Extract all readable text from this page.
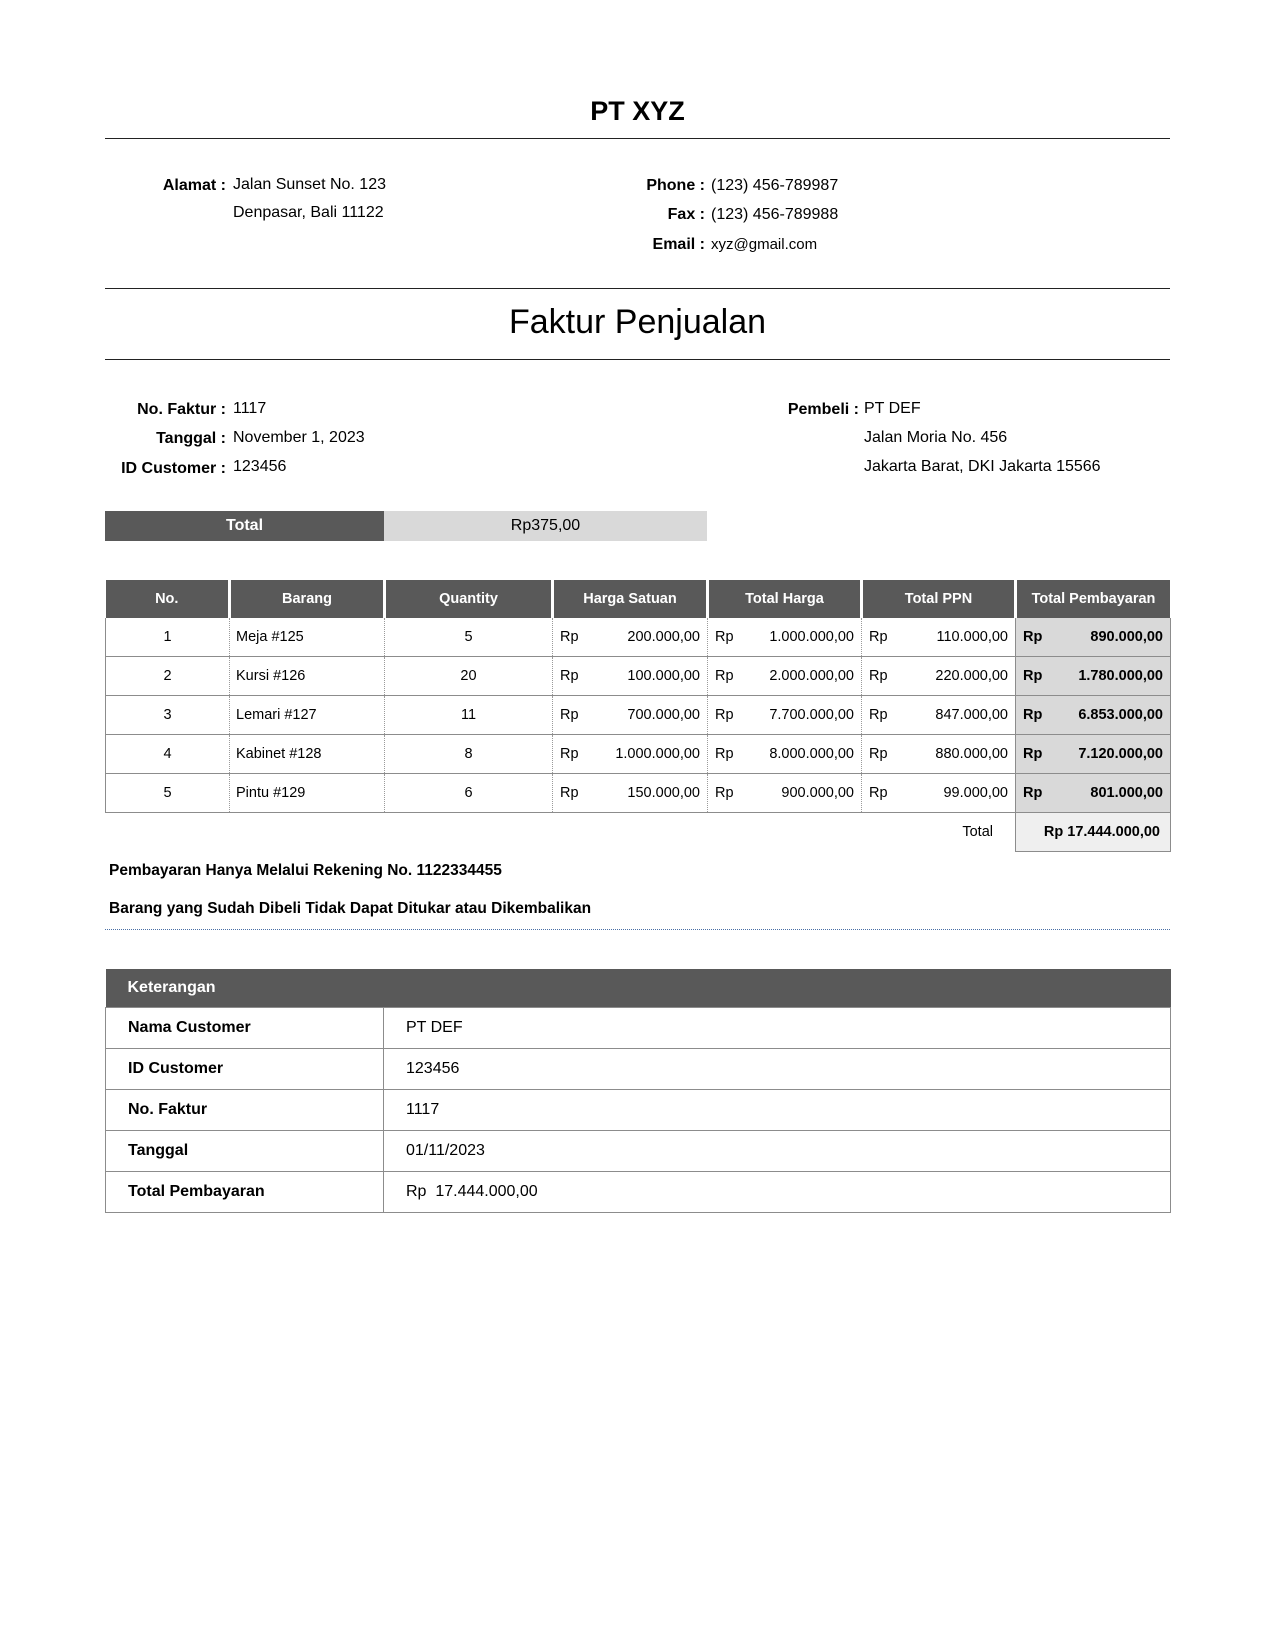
PT XYZ
Alamat : Jalan Sunset No. 123
Denpasar, Bali 11122
Phone : (123) 456-789987
Fax : (123) 456-789988
Email : xyz@gmail.com
Faktur Penjualan
No. Faktur : 1117
Tanggal : November 1, 2023
ID Customer : 123456
Pembeli : PT DEF
Jalan Moria No. 456
Jakarta Barat, DKI Jakarta 15566
Total	Rp375,00
No.	Barang	Quantity	Harga Satuan	Total Harga	Total PPN	Total Pembayaran
1	Meja #125	5	Rp 200.000,00	Rp 1.000.000,00	Rp 110.000,00	Rp 890.000,00

2	Kursi #126	20	Rp 100.000,00	Rp 2.000.000,00	Rp 220.000,00	Rp 1.780.000,00

3	Lemari #127	11	Rp 700.000,00	Rp 7.700.000,00	Rp 847.000,00	Rp 6.853.000,00

4	Kabinet #128	8	Rp 1.000.000,00	Rp 8.000.000,00	Rp 880.000,00	Rp 7.120.000,00

5	Pintu #129	6	Rp 150.000,00	Rp 900.000,00	Rp 99.000,00	Rp 801.000,00

Total						Rp 17.444.000,00
Pembayaran Hanya Melalui Rekening No. 1122334455
Barang yang Sudah Dibeli Tidak Dapat Ditukar atau Dikembalikan
Keterangan	
Nama Customer	PT DEF
ID Customer	123456
No. Faktur	1117
Tanggal	01/11/2023
Total Pembayaran	Rp  17.444.000,00
